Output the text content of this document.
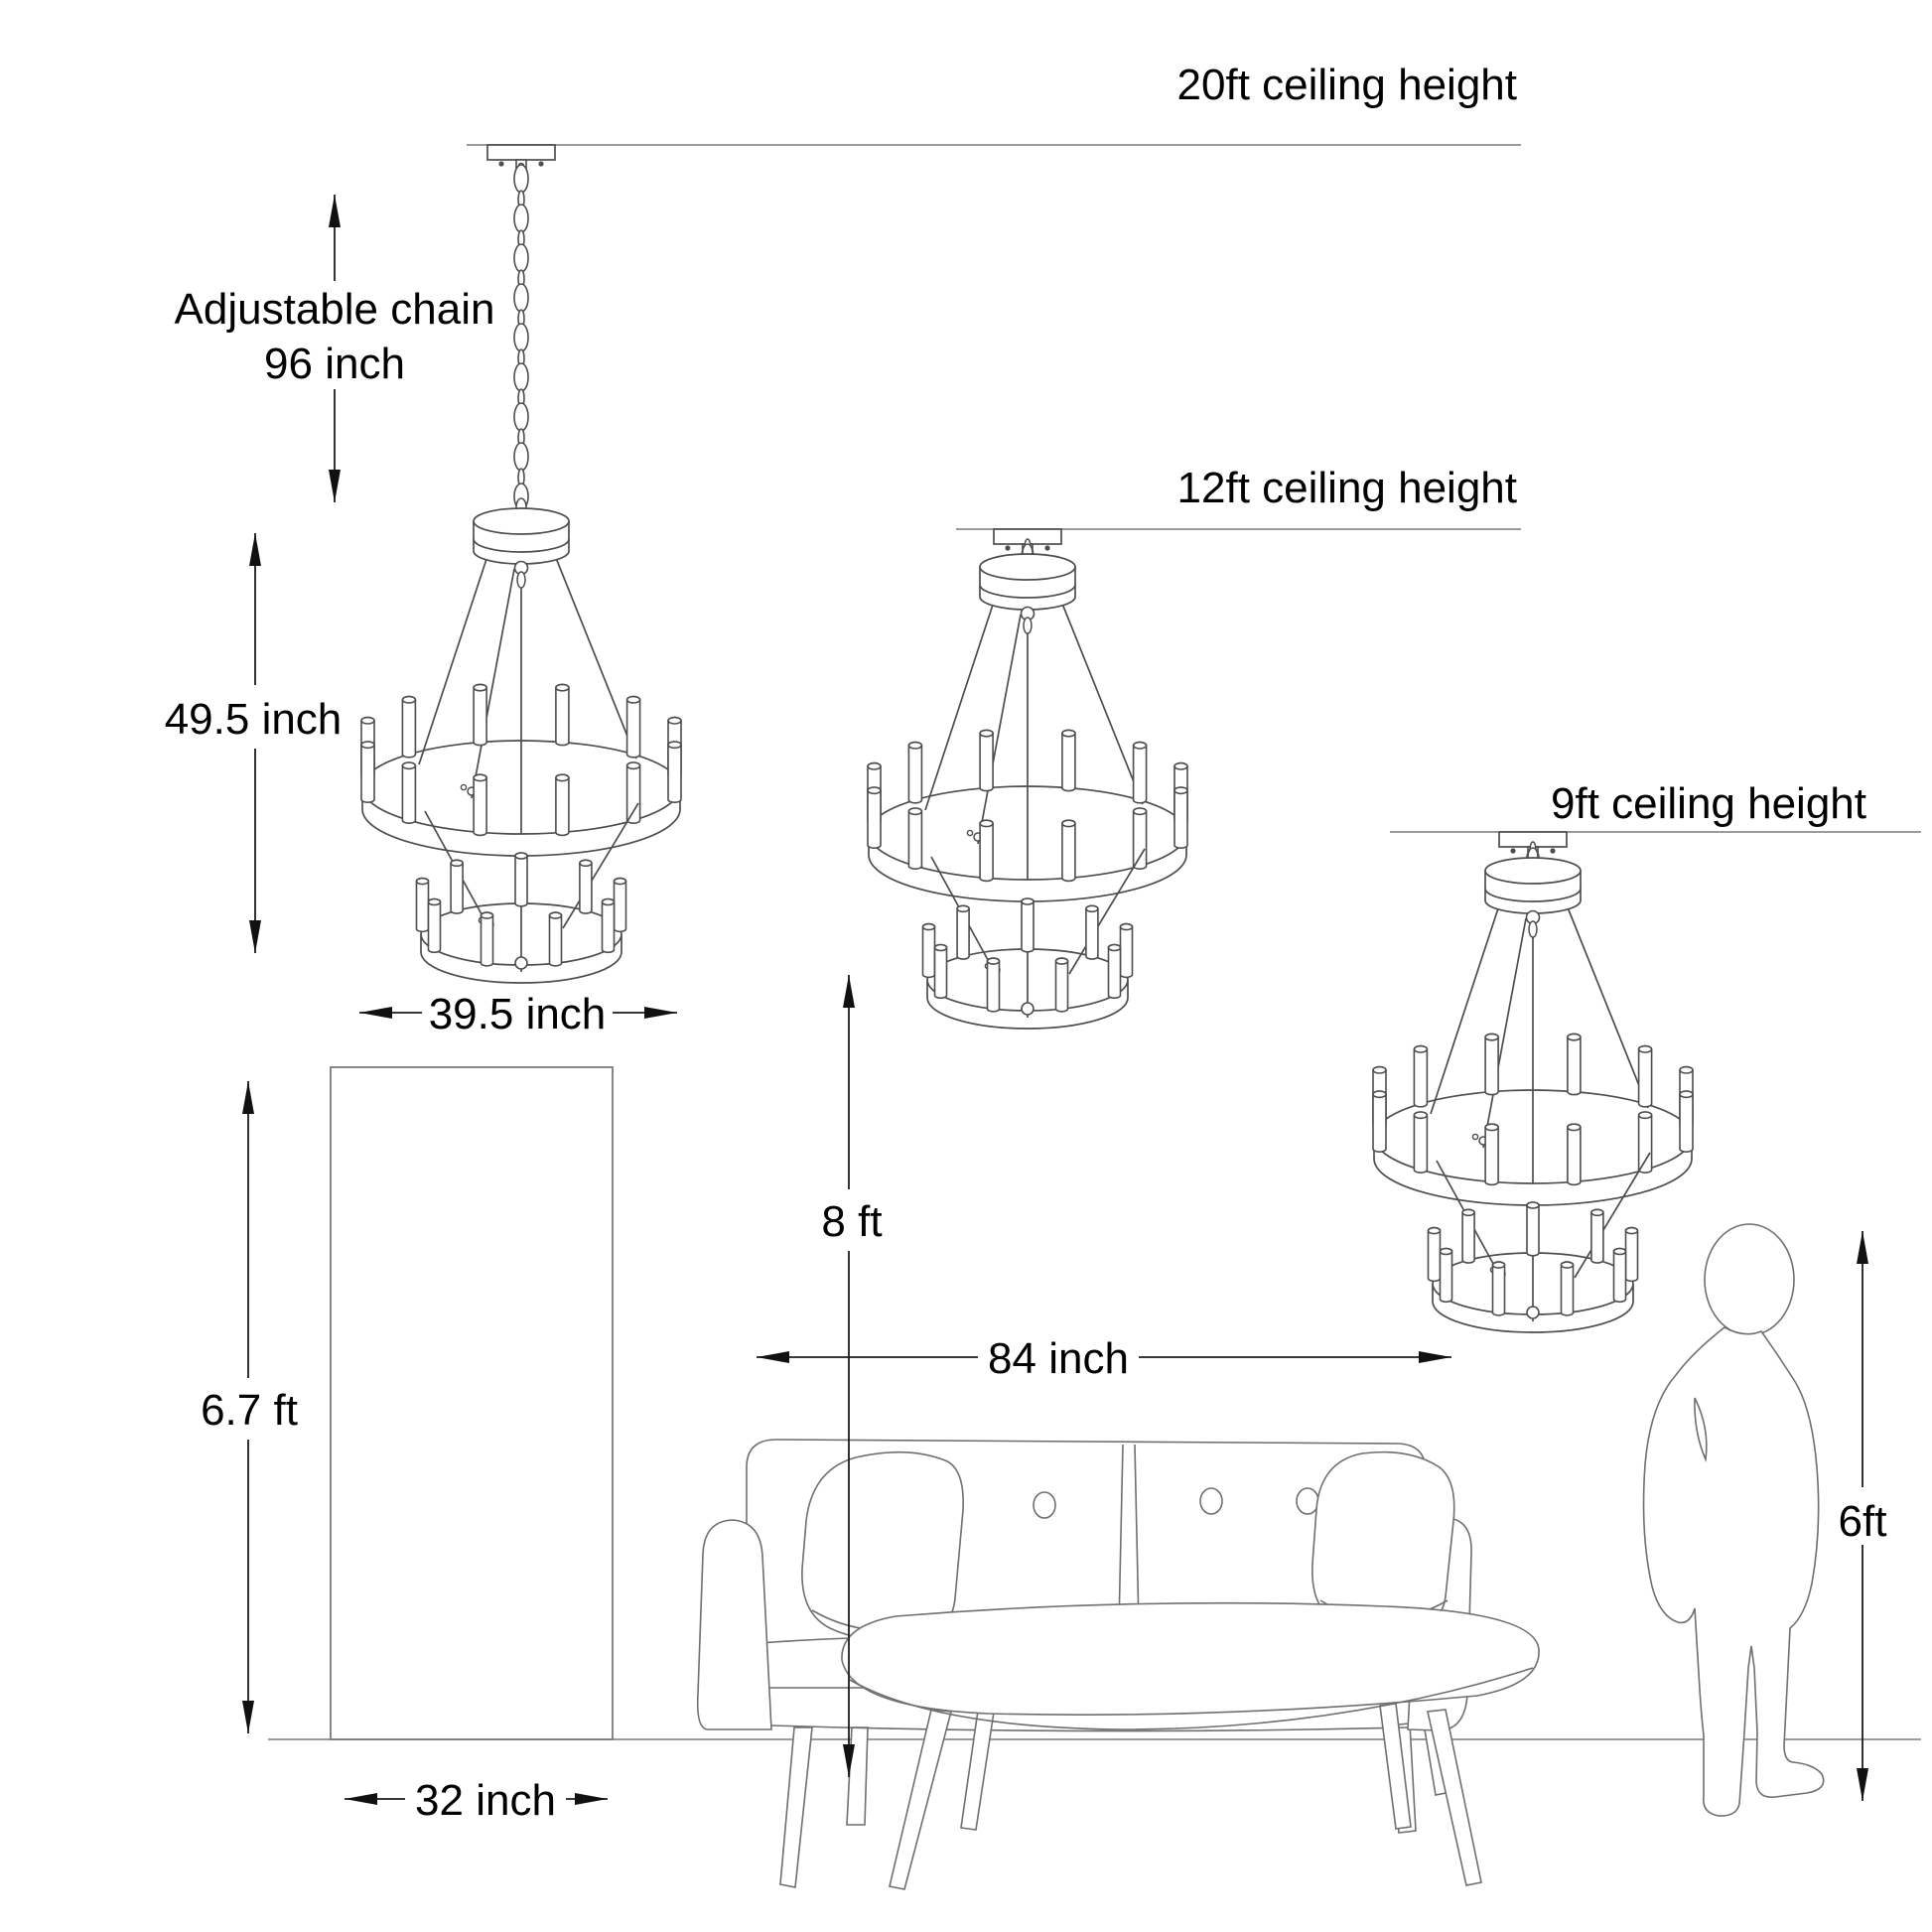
20ft ceiling height
12ft ceiling height
9ft ceiling height
Adjustable chain
96 inch
49.5 inch
39.5 inch
6.7 ft
32 inch
8 ft
84 inch
6ft
